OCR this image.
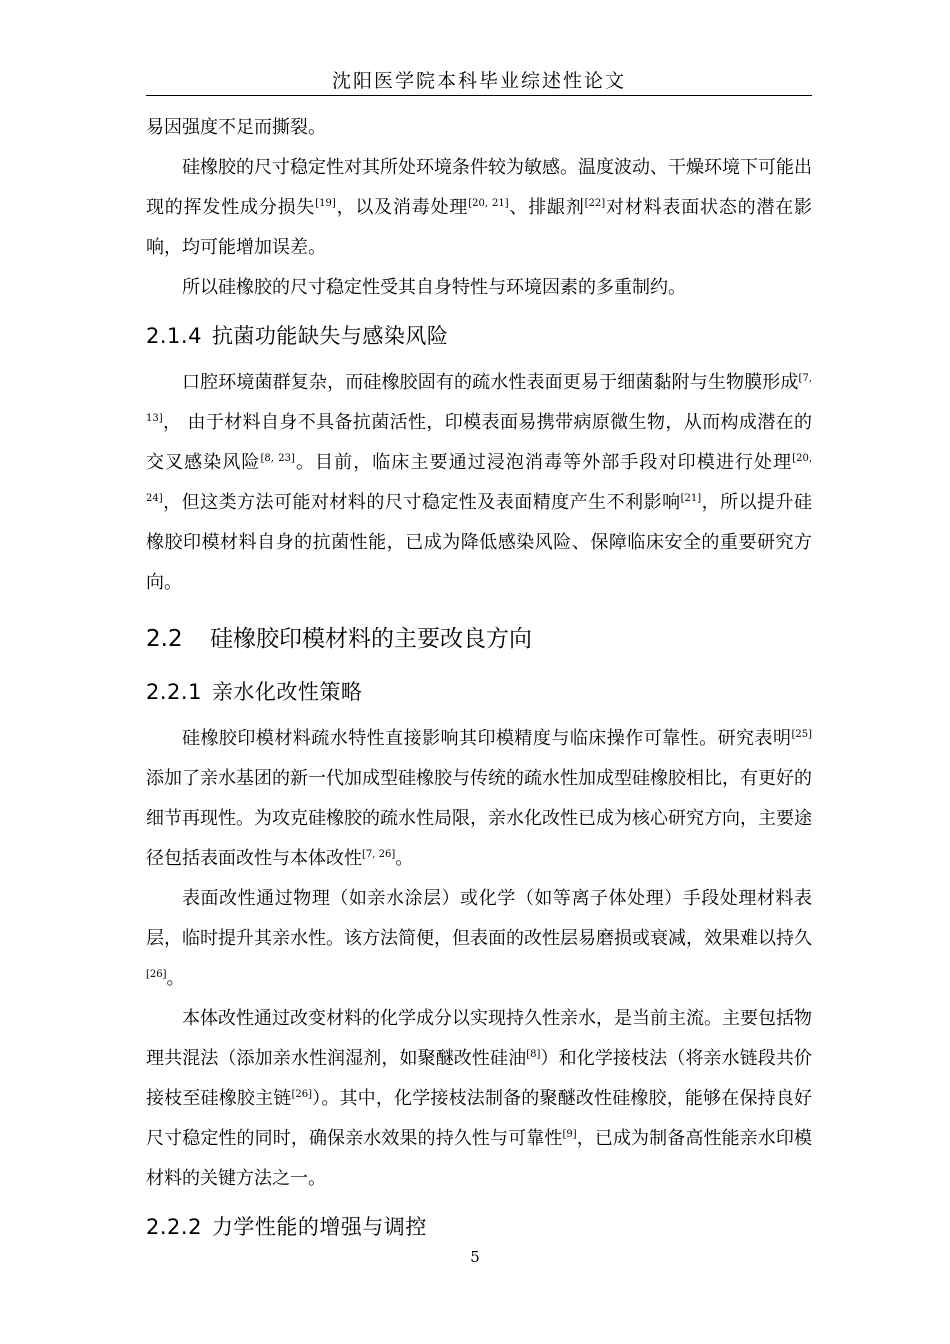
沈阳医学院本科毕业综述性论文

易因强度不足而撕裂。

硅橡胶的尺寸稳定性对其所处环境条件较为敏感。温度波动、干燥环境下可能出现的挥发性成分损失[19]，以及消毒处理[20, 21]、排龈剂[22]对材料表面状态的潜在影响，均可能增加误差。

所以硅橡胶的尺寸稳定性受其自身特性与环境因素的多重制约。

2.1.4 抗菌功能缺失与感染风险

口腔环境菌群复杂，而硅橡胶固有的疏水性表面更易于细菌黏附与生物膜形成[7, 13]， 由于材料自身不具备抗菌活性，印模表面易携带病原微生物，从而构成潜在的交叉感染风险[8, 23]。目前，临床主要通过浸泡消毒等外部手段对印模进行处理[20, 24]，但这类方法可能对材料的尺寸稳定性及表面精度产生不利影响[21]，所以提升硅橡胶印模材料自身的抗菌性能，已成为降低感染风险、保障临床安全的重要研究方向。

2.2 硅橡胶印模材料的主要改良方向
2.2.1 亲水化改性策略

硅橡胶印模材料疏水特性直接影响其印模精度与临床操作可靠性。研究表明[25]添加了亲水基团的新一代加成型硅橡胶与传统的疏水性加成型硅橡胶相比，有更好的细节再现性。为攻克硅橡胶的疏水性局限，亲水化改性已成为核心研究方向，主要途径包括表面改性与本体改性[7, 26]。

表面改性通过物理（如亲水涂层）或化学（如等离子体处理）手段处理材料表层，临时提升其亲水性。该方法简便，但表面的改性层易磨损或衰减，效果难以持久[26]。

本体改性通过改变材料的化学成分以实现持久性亲水，是当前主流。主要包括物理共混法（添加亲水性润湿剂，如聚醚改性硅油[8]）和化学接枝法（将亲水链段共价接枝至硅橡胶主链[26]）。其中，化学接枝法制备的聚醚改性硅橡胶，能够在保持良好尺寸稳定性的同时，确保亲水效果的持久性与可靠性[9]，已成为制备高性能亲水印模材料的关键方法之一。

2.2.2 力学性能的增强与调控
5
